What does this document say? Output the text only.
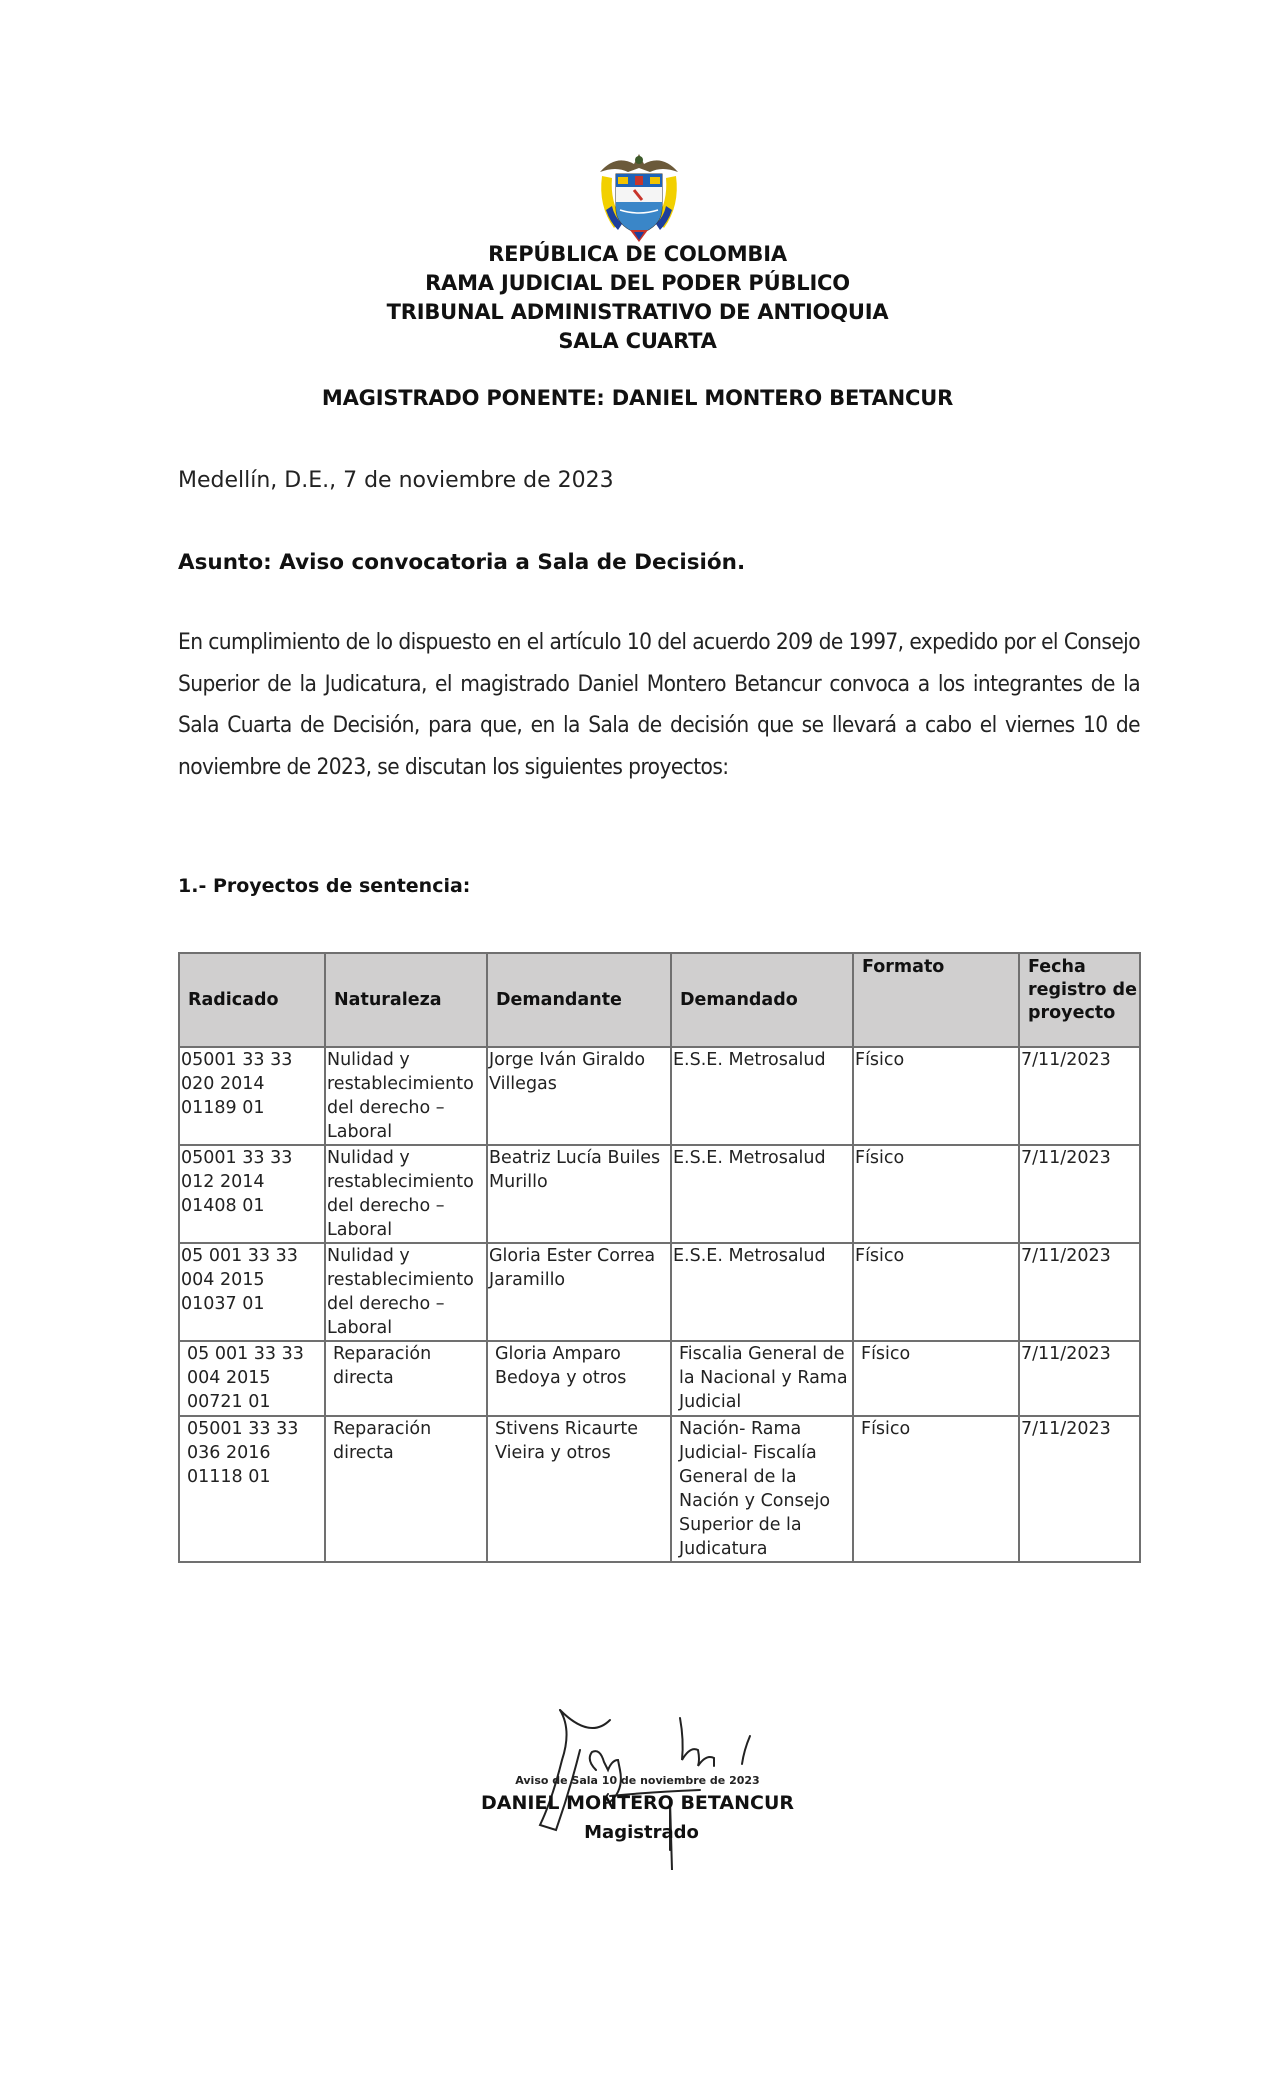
REPÚBLICA DE COLOMBIA
RAMA JUDICIAL DEL PODER PÚBLICO
TRIBUNAL ADMINISTRATIVO DE ANTIOQUIA
SALA CUARTA
MAGISTRADO PONENTE: DANIEL MONTERO BETANCUR
Medellín, D.E., 7 de noviembre de 2023
Asunto: Aviso convocatoria a Sala de Decisión.
En cumplimiento de lo dispuesto en el artículo 10 del acuerdo 209 de 1997, expedido por el Consejo Superior de la Judicatura, el magistrado Daniel Montero Betancur convoca a los integrantes de la Sala Cuarta de Decisión, para que, en la Sala de decisión que se llevará a cabo el viernes 10 de noviembre de 2023, se discutan los siguientes proyectos:
1.- Proyectos de sentencia:
Radicado	Naturaleza	Demandante	Demandado	Formato	Fecha registro de proyecto
05001 33 33 020 2014 01189 01	Nulidad y restablecimiento del derecho – Laboral	Jorge Iván Giraldo Villegas	E.S.E. Metrosalud	Físico	7/11/2023
05001 33 33 012 2014 01408 01	Nulidad y restablecimiento del derecho – Laboral	Beatriz Lucía Builes Murillo	E.S.E. Metrosalud	Físico	7/11/2023
05 001 33 33 004 2015 01037 01	Nulidad y restablecimiento del derecho – Laboral	Gloria Ester Correa Jaramillo	E.S.E. Metrosalud	Físico	7/11/2023
05 001 33 33 004 2015 00721 01	Reparación directa	Gloria Amparo Bedoya y otros	Fiscalia General de la Nacional y Rama Judicial	Físico	7/11/2023
05001 33 33 036 2016 01118 01	Reparación directa	Stivens Ricaurte Vieira y otros	Nación- Rama Judicial- Fiscalía General de la Nación y Consejo Superior de la Judicatura	Físico	7/11/2023
Aviso de Sala 10 de noviembre de 2023
DANIEL MONTERO BETANCUR
Magistrado
